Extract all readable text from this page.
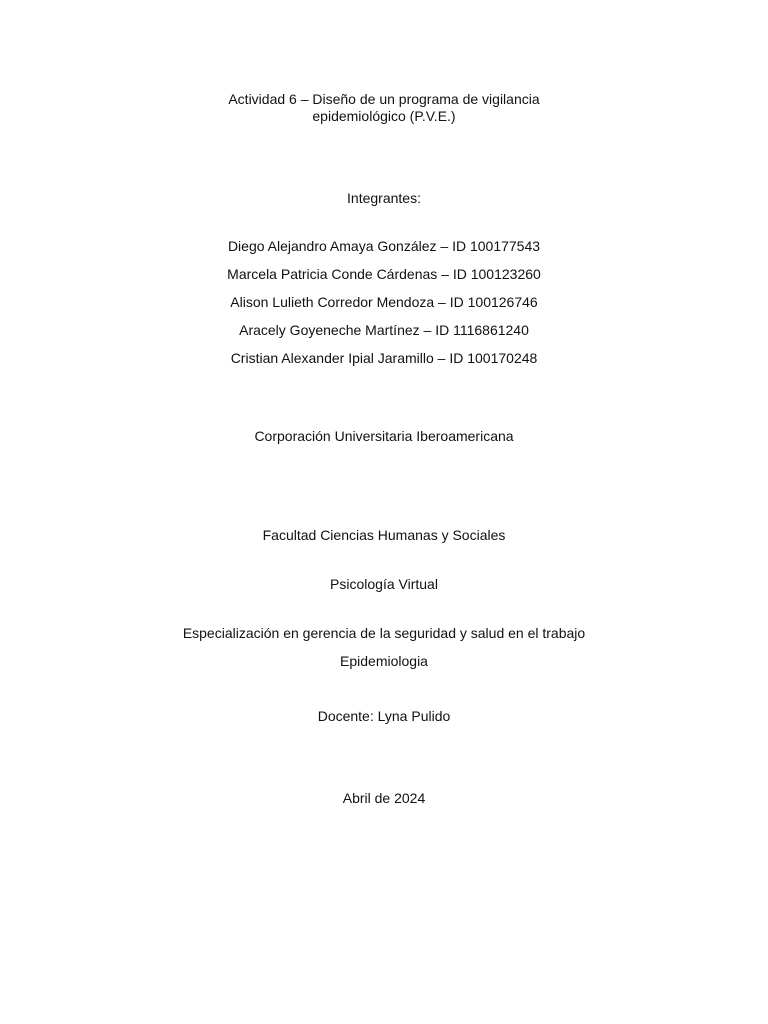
Actividad 6 – Diseño de un programa de vigilancia
epidemiológico (P.V.E.)
Integrantes:
Diego Alejandro Amaya González – ID 100177543
Marcela Patricia Conde Cárdenas – ID 100123260
Alison Lulieth Corredor Mendoza – ID 100126746
Aracely Goyeneche Martínez – ID 1116861240
Cristian Alexander Ipial Jaramillo – ID 100170248
Corporación Universitaria Iberoamericana
Facultad Ciencias Humanas y Sociales
Psicología Virtual
Especialización en gerencia de la seguridad y salud en el trabajo
Epidemiologia
Docente: Lyna Pulido
Abril de 2024
